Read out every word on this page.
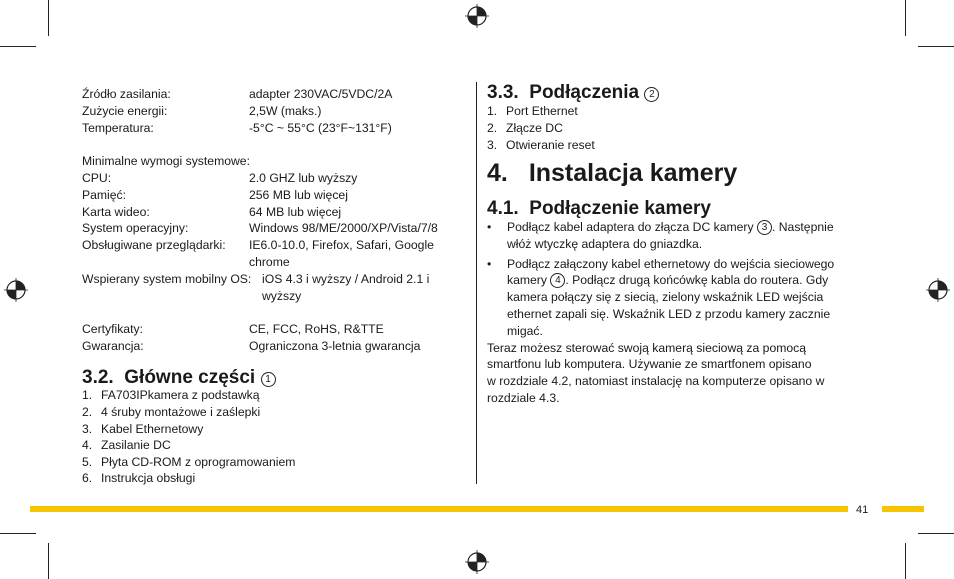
Źródło zasilania:	adapter 230VAC/5VDC/2A
Zużycie energii:	2,5W (maks.)
Temperatura:	-5°C ~ 55°C (23°F~131°F)
Minimalne wymogi systemowe:
CPU:	2.0 GHZ lub wyższy
Pamięć:	256 MB lub więcej
Karta wideo:	64 MB lub więcej
System operacyjny:	Windows 98/ME/2000/XP/Vista/7/8
Obsługiwane przeglądarki: IE6.0-10.0, Firefox, Safari, Google
chrome
Wspierany system mobilny OS: iOS 4.3 i wyższy / Android 2.1 i
wyższy
Certyfikaty:	CE, FCC, RoHS, R&TTE
Gwarancja:	Ograniczona 3-letnia gwarancja
3.2. Główne części 1
1. FA703IPkamera z podstawką
2. 4 śruby montażowe i zaślepki
3. Kabel Ethernetowy
4. Zasilanie DC
5. Płyta CD-ROM z oprogramowaniem
6. Instrukcja obsługi
3.3. Podłączenia 2
1. Port Ethernet
2. Złącze DC
3. Otwieranie reset
4. Instalacja kamery
4.1. Podłączenie kamery
• Podłącz kabel adaptera do złącza DC kamery 3 . Następnie
włóż wtyczkę adaptera do gniazdka.
• Podłącz załączony kabel ethernetowy do wejścia sieciowego
kamery 4 . Podłącz drugą końcówkę kabla do routera. Gdy
kamera połączy się z siecią, zielony wskaźnik LED wejścia
ethernet zapali się. Wskaźnik LED z przodu kamery zacznie
migać.
Teraz możesz sterować swoją kamerą sieciową za pomocą
smartfonu lub komputera. Używanie ze smartfonem opisano
w rozdziale 4.2, natomiast instalację na komputerze opisano w
rozdziale 4.3.
41
